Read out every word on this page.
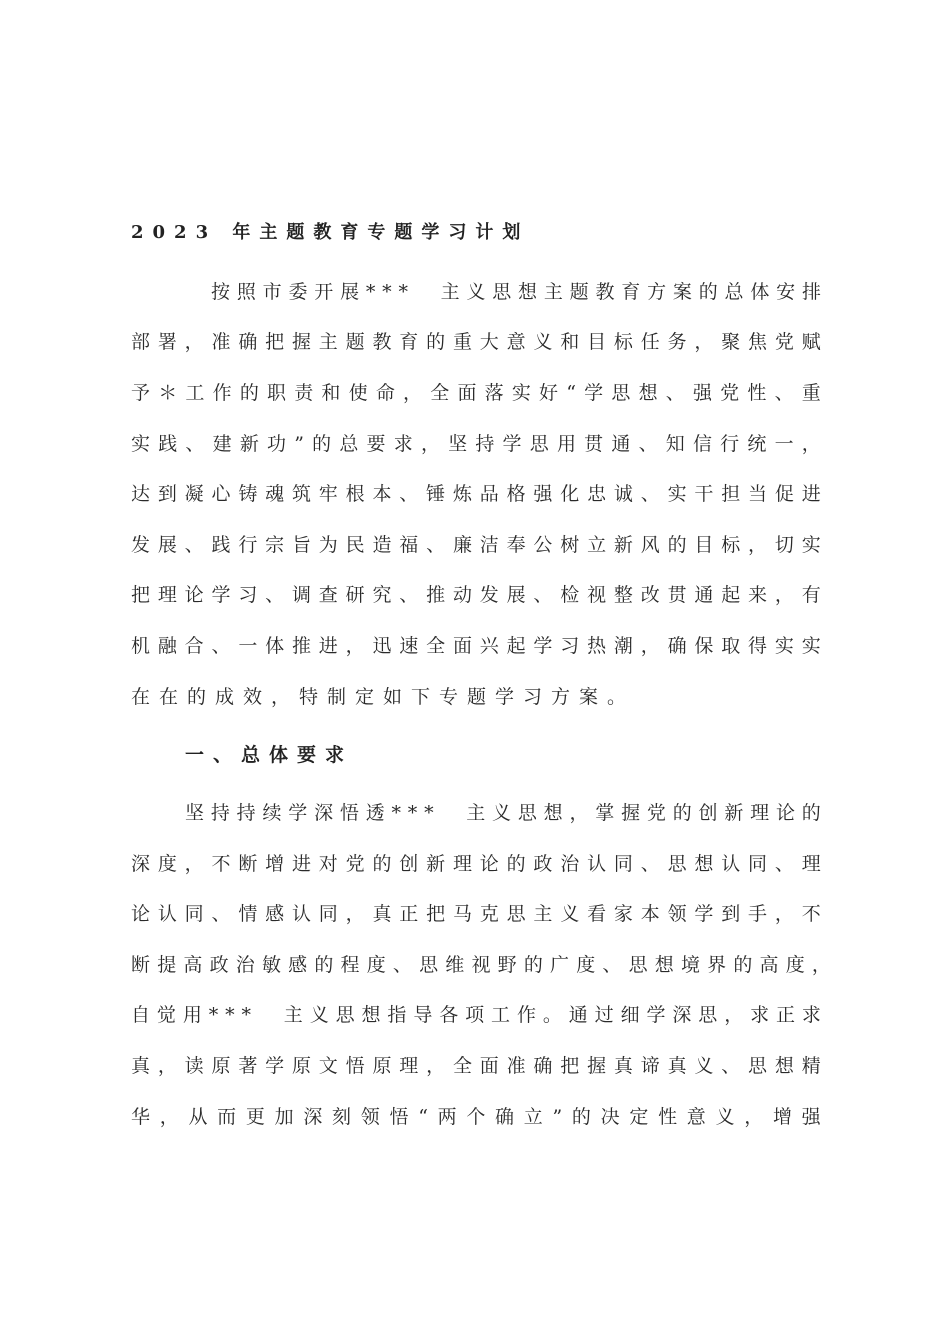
2023 年主题教育专题学习计划
按 照 市 委 开 展 * * *
　 主 义 思 想 主 题 教 育 方 案 的 总 体 安 排
部 署 ， 准 确 把 握 主 题 教 育 的 重 大 意 义 和 目 标 任 务 ， 聚 焦 党 赋
予 ＊ 工 作 的 职 责 和 使 命 ， 全 面 落 实 好 “ 学 思 想 、 强 党 性 、 重
实 践 、 建 新 功 ” 的 总 要 求 ， 坚 持 学 思 用 贯 通 、 知 信 行 统 一 ，
达 到 凝 心 铸 魂 筑 牢 根 本 、 锤 炼 品 格 强 化 忠 诚 、 实 干 担 当 促 进
发 展 、 践 行 宗 旨 为 民 造 福 、 廉 洁 奉 公 树 立 新 风 的 目 标 ， 切 实
把 理 论 学 习 、 调 查 研 究 、 推 动 发 展 、 检 视 整 改 贯 通 起 来 ， 有
机 融 合 、 一 体 推 进 ， 迅 速 全 面 兴 起 学 习 热 潮 ， 确 保 取 得 实 实
在在的成效，特制定如下专题学习方案。
一、总体要求
坚 持 持 续 学 深 悟 透 * * *
　 主 义 思 想 ， 掌 握 党 的 创 新 理 论 的
深 度 ， 不 断 增 进 对 党 的 创 新 理 论 的 政 治 认 同 、 思 想 认 同 、 理
论 认 同 、 情 感 认 同 ， 真 正 把 马 克 思 主 义 看 家 本 领 学 到 手 ， 不
断 提 高 政 治 敏 感 的 程 度 、 思 维 视 野 的 广 度 、 思 想 境 界 的 高 度 ，
自 觉 用 * * *
　 主 义 思 想 指 导 各 项 工 作 。 通 过 细 学 深 思 ， 求 正 求
真 ， 读 原 著 学 原 文 悟 原 理 ， 全 面 准 确 把 握 真 谛 真 义 、 思 想 精
华 ， 从 而 更 加 深 刻 领 悟 “ 两 个 确 立 ” 的 决 定 性 意 义 ， 增 强
